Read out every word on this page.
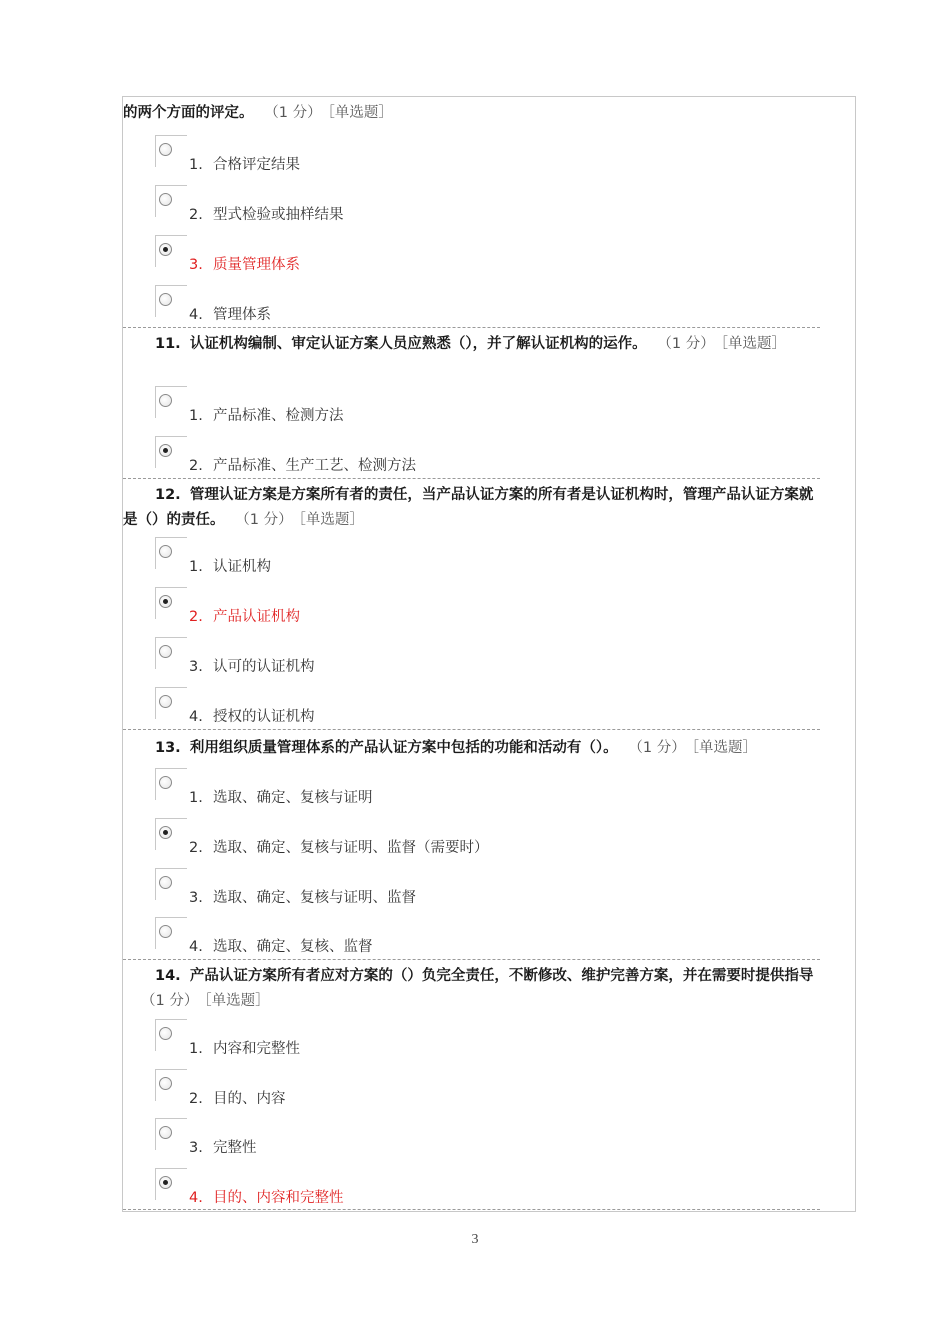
的两个方面的评定。 （1 分） ［单选题］
1. 合格评定结果
2. 型式检验或抽样结果
3. 质量管理体系
4. 管理体系
11. 认证机构编制、审定认证方案人员应熟悉（），并了解认证机构的运作。 （1 分） ［单选题］
1. 产品标准、检测方法
2. 产品标准、生产工艺、检测方法
12. 管理认证方案是方案所有者的责任，当产品认证方案的所有者是认证机构时，管理产品认证方案就是（）的责任。 （1 分） ［单选题］
1. 认证机构
2. 产品认证机构
3. 认可的认证机构
4. 授权的认证机构
13. 利用组织质量管理体系的产品认证方案中包括的功能和活动有（）。 （1 分） ［单选题］
1. 选取、确定、复核与证明
2. 选取、确定、复核与证明、监督（需要时）
3. 选取、确定、复核与证明、监督
4. 选取、确定、复核、监督
14. 产品认证方案所有者应对方案的（）负完全责任，不断修改、维护完善方案，并在需要时提供指导（1 分） ［单选题］
1. 内容和完整性
2. 目的、内容
3. 完整性
4. 目的、内容和完整性
3
